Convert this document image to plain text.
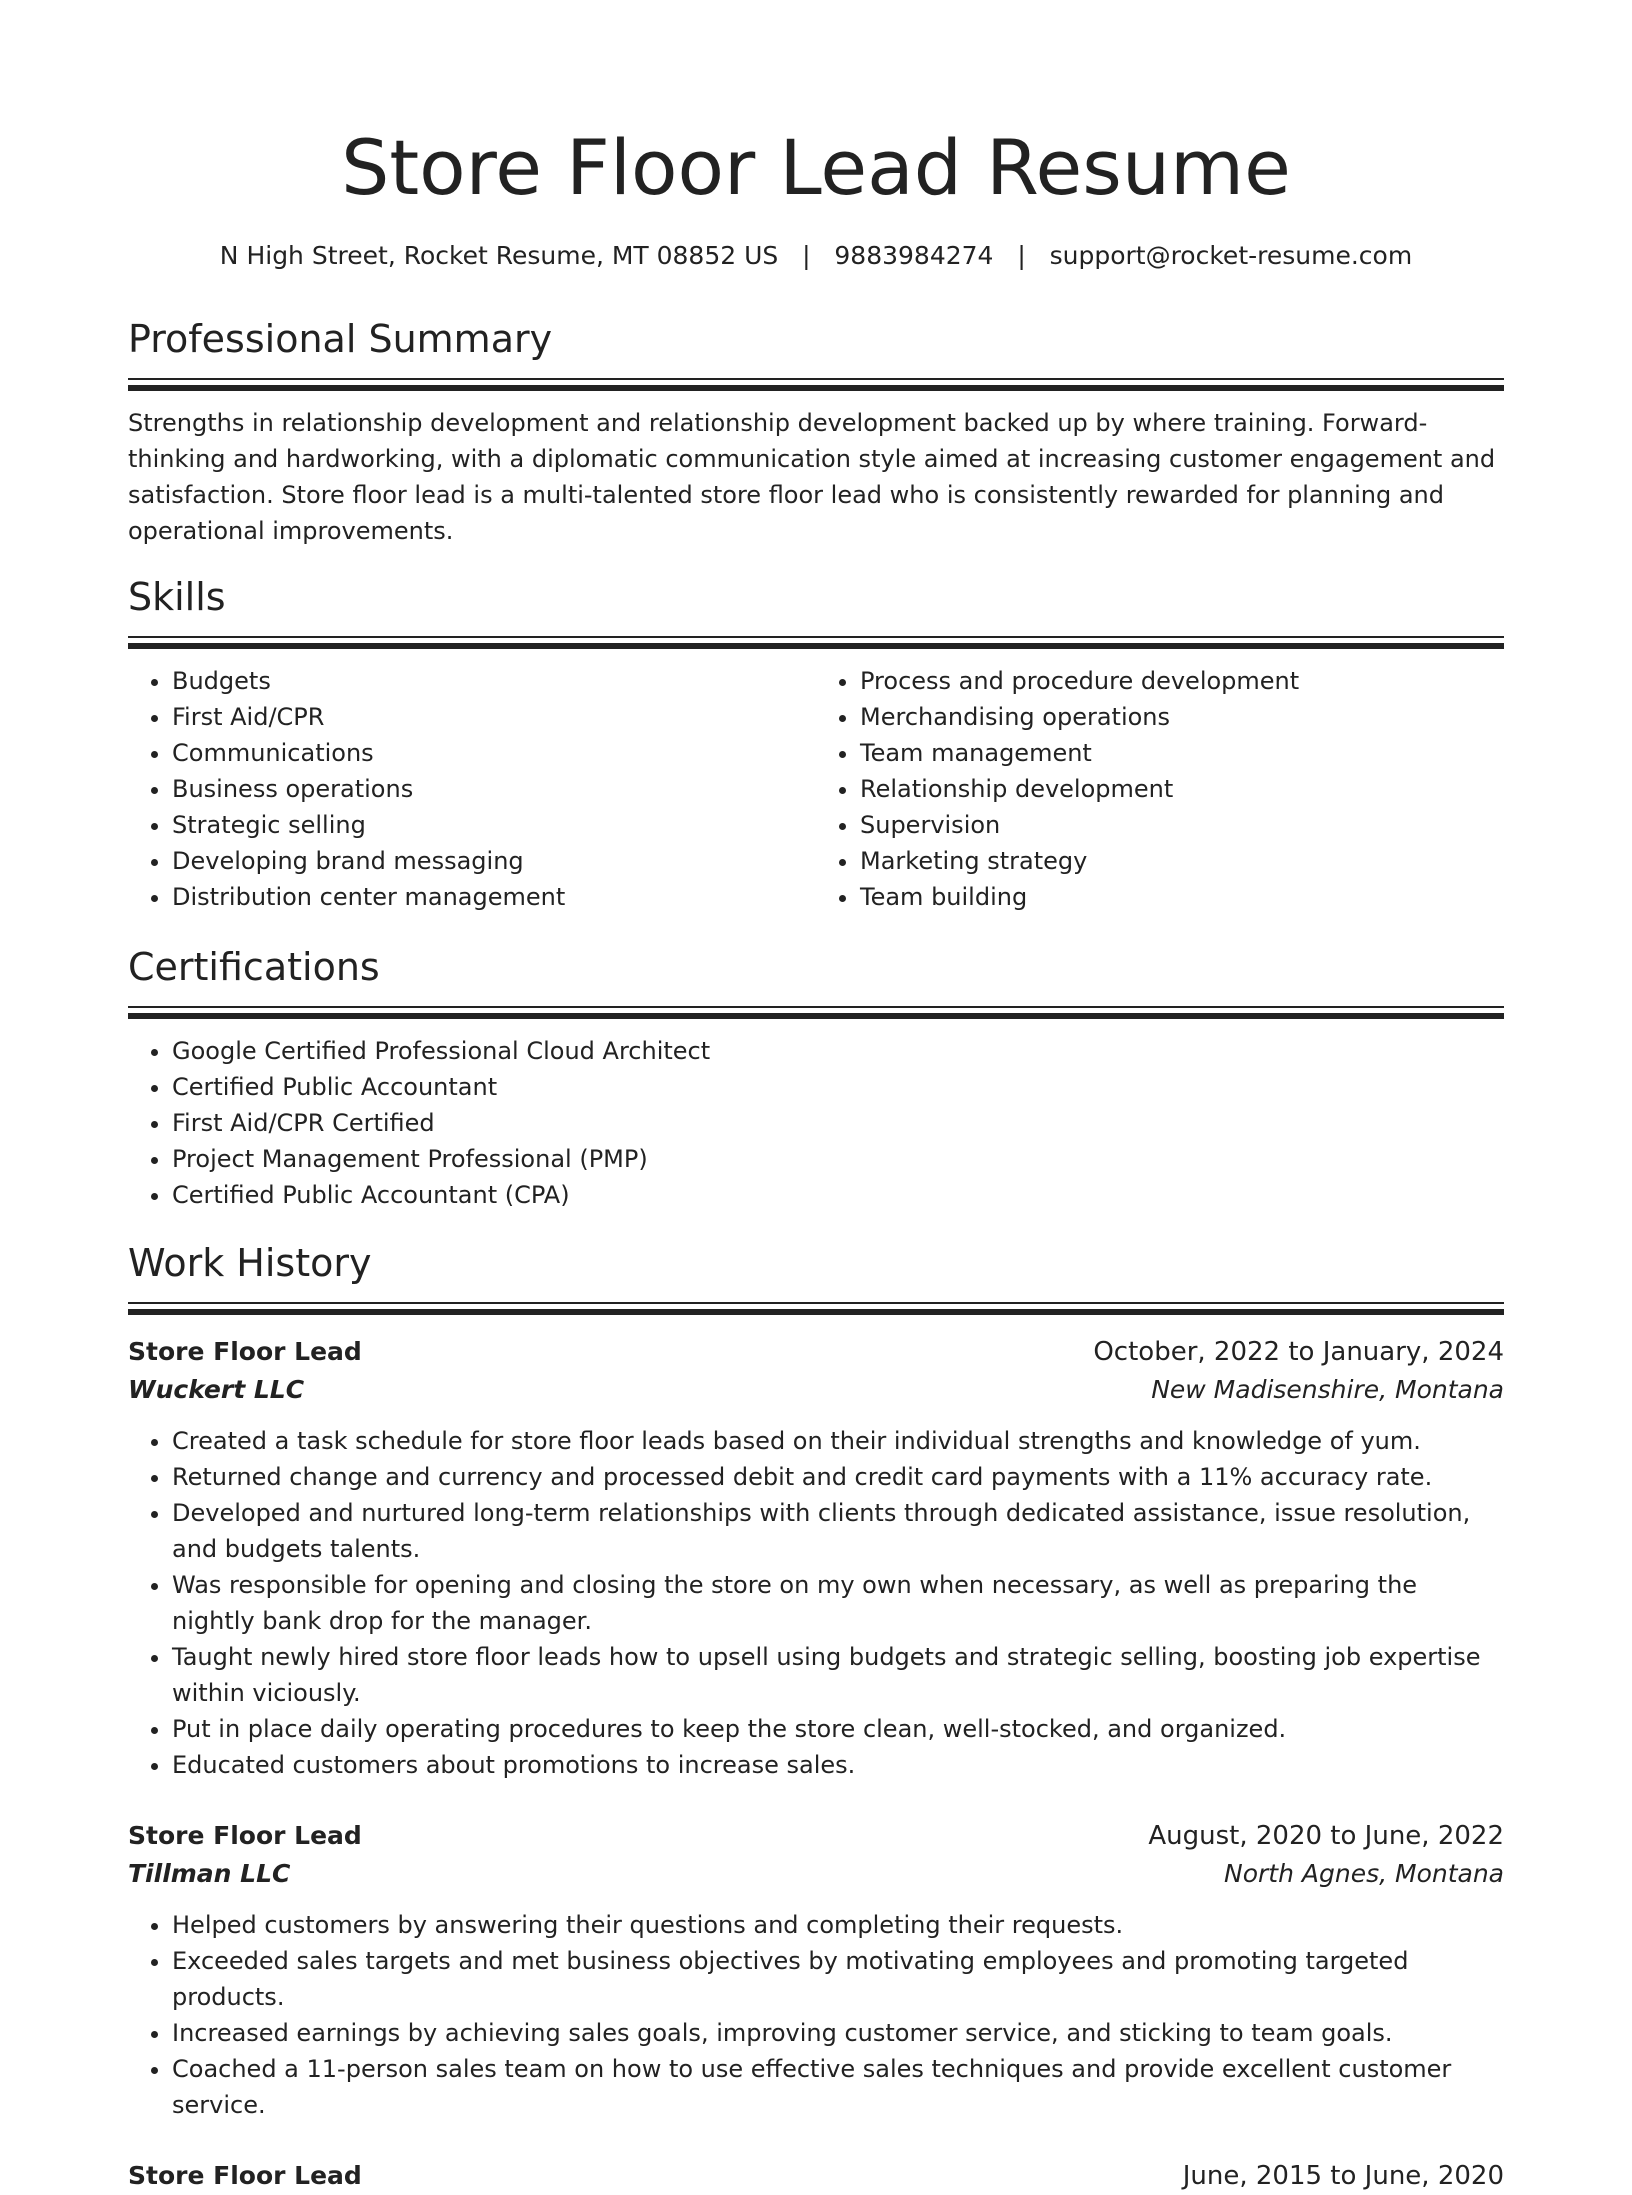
Store Floor Lead Resume
N High Street, Rocket Resume, MT 08852 US | 9883984274 | support@rocket-resume.com
Professional Summary

Strengths in relationship development and relationship development backed up by where training. Forward-thinking and hardworking, with a diplomatic communication style aimed at increasing customer engagement and satisfaction. Store floor lead is a multi-talented store floor lead who is consistently rewarded for planning and operational improvements.

Skills
• Budgets
• First Aid/CPR
• Communications
• Business operations
• Strategic selling
• Developing brand messaging
• Distribution center management
• Process and procedure development
• Merchandising operations
• Team management
• Relationship development
• Supervision
• Marketing strategy
• Team building
Certifications
• Google Certified Professional Cloud Architect
• Certified Public Accountant
• First Aid/CPR Certified
• Project Management Professional (PMP)
• Certified Public Accountant (CPA)
Work History
Store Floor Lead	October, 2022 to January, 2024
Wuckert LLC	New Madisenshire, Montana
• Created a task schedule for store floor leads based on their individual strengths and knowledge of yum.
• Returned change and currency and processed debit and credit card payments with a 11% accuracy rate.
• Developed and nurtured long-term relationships with clients through dedicated assistance, issue resolution, and budgets talents.
• Was responsible for opening and closing the store on my own when necessary, as well as preparing the nightly bank drop for the manager.
• Taught newly hired store floor leads how to upsell using budgets and strategic selling, boosting job expertise within viciously.
• Put in place daily operating procedures to keep the store clean, well-stocked, and organized.
• Educated customers about promotions to increase sales.
Store Floor Lead	August, 2020 to June, 2022
Tillman LLC	North Agnes, Montana
• Helped customers by answering their questions and completing their requests.
• Exceeded sales targets and met business objectives by motivating employees and promoting targeted products.
• Increased earnings by achieving sales goals, improving customer service, and sticking to team goals.
• Coached a 11-person sales team on how to use effective sales techniques and provide excellent customer service.
Store Floor Lead	June, 2015 to June, 2020
